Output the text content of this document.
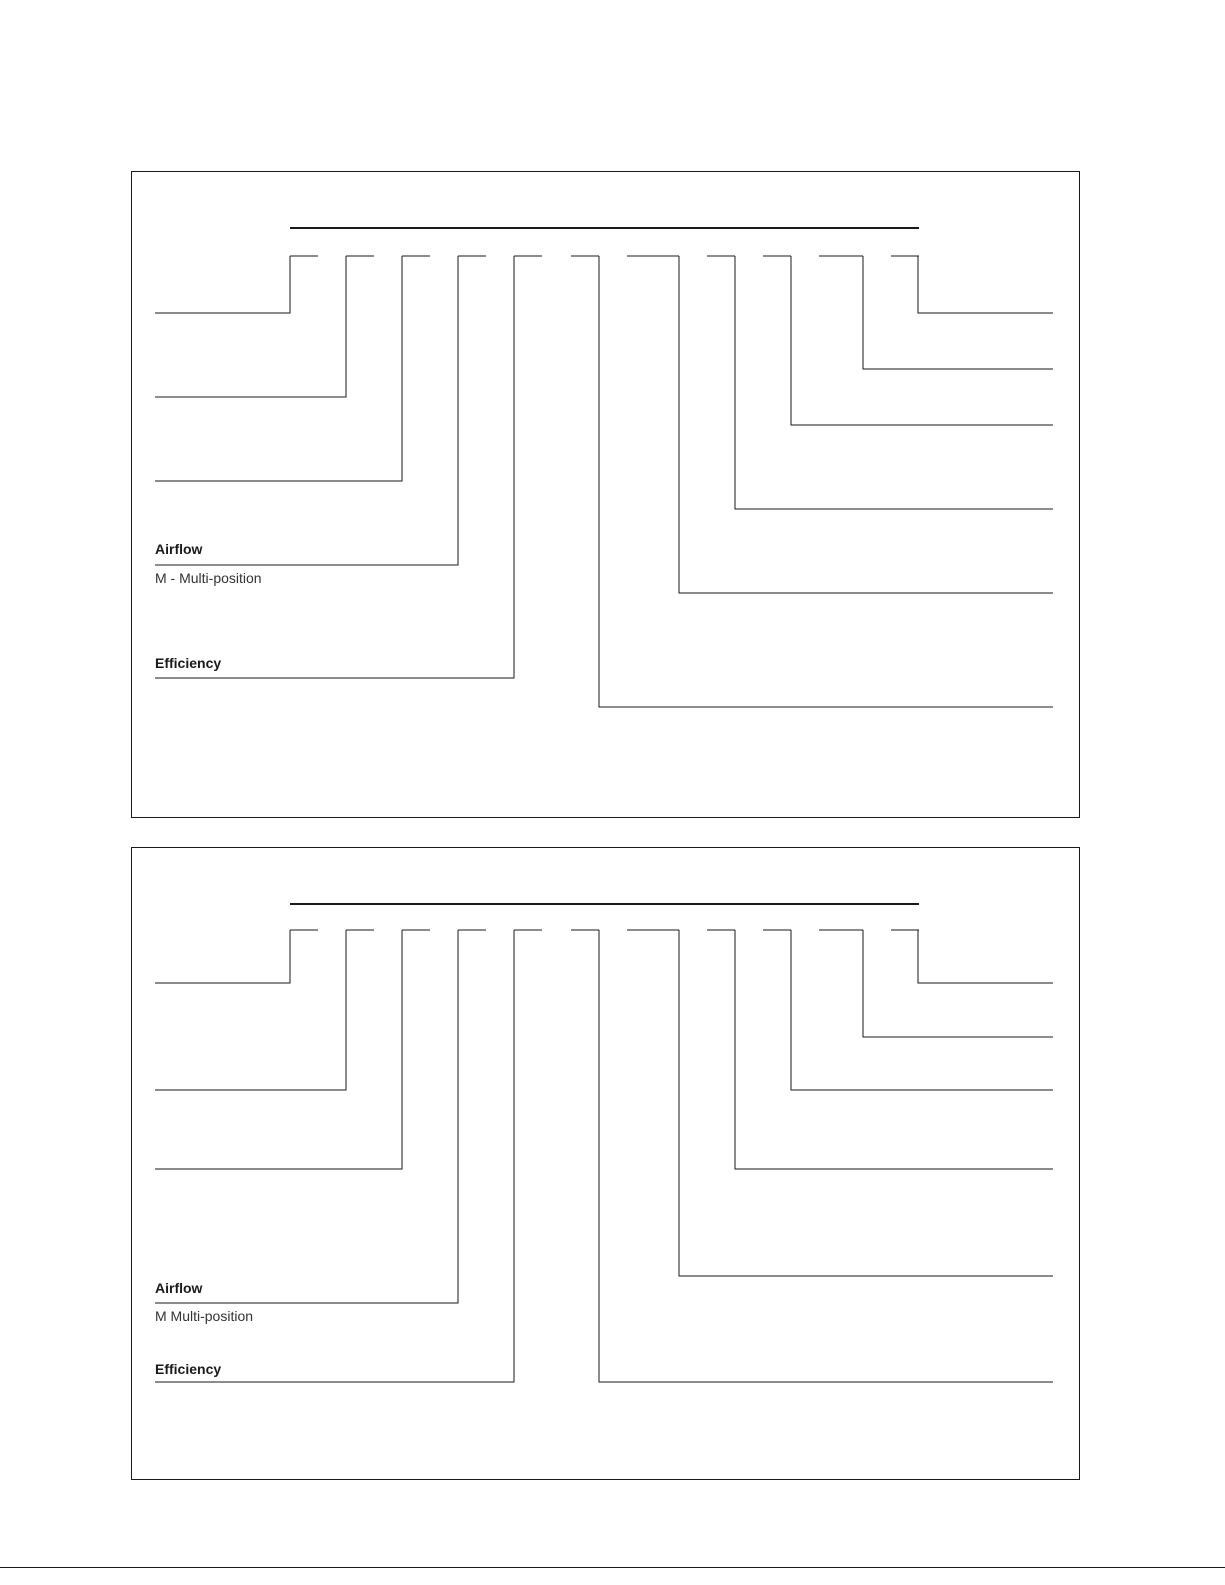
Airflow
M - Multi-position
Efficiency
Airflow
M Multi-position
Efficiency
